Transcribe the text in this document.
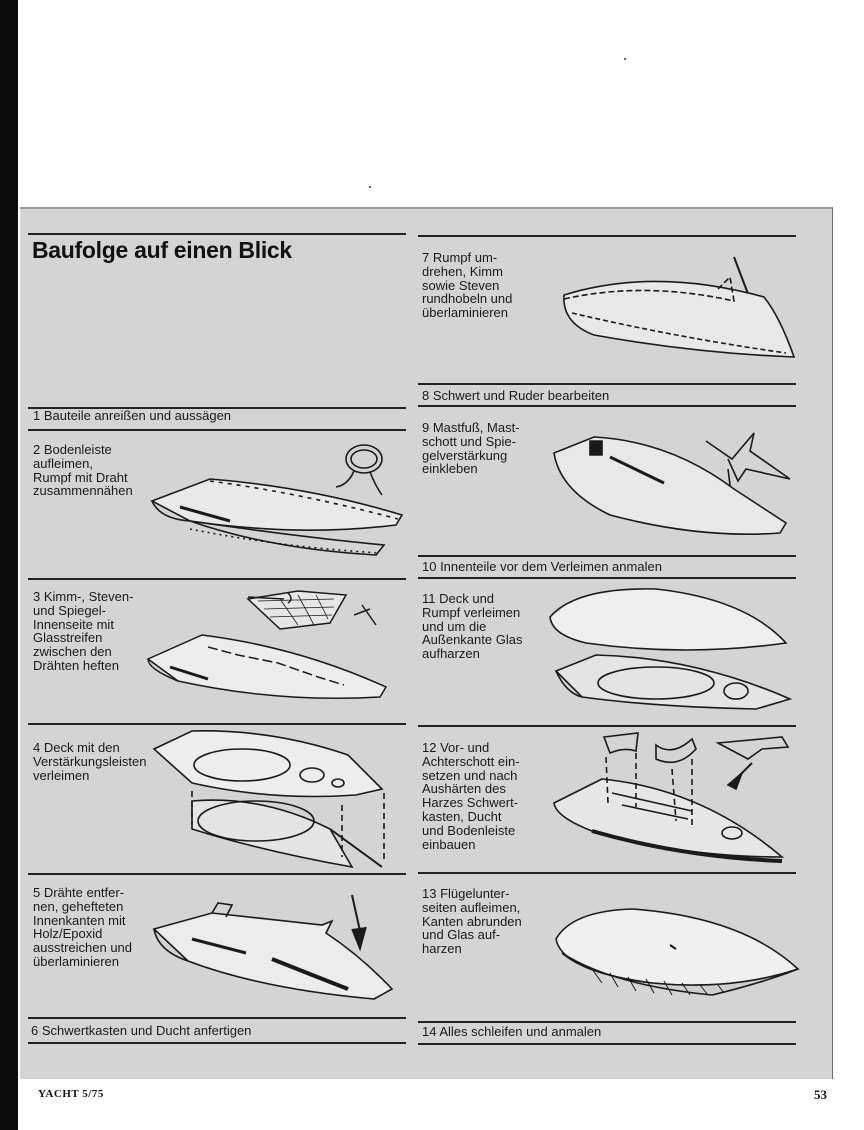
Baufolge auf einen Blick

1 Bauteile anreißen und aussägen

2 Bodenleiste
aufleimen,
Rumpf mit Draht
zusammennähen

3 Kimm-, Steven-
und Spiegel-
Innenseite mit
Glasstreifen
zwischen den
Drähten heften

4 Deck mit den
Verstärkungsleisten
verleimen

5 Drähte entfer-
nen, gehefteten
Innenkanten mit
Holz/Epoxid
ausstreichen und
überlaminieren

6 Schwertkasten und Ducht anfertigen

7 Rumpf um-
drehen, Kimm
sowie Steven
rundhobeln und
überlaminieren

8 Schwert und Ruder bearbeiten

9 Mastfuß, Mast-
schott und Spie-
gelverstärkung
einkleben

10 Innenteile vor dem Verleimen anmalen

11 Deck und
Rumpf verleimen
und um die
Außenkante Glas
aufharzen

12 Vor- und
Achterschott ein-
setzen und nach
Aushärten des
Harzes Schwert-
kasten, Ducht
und Bodenleiste
einbauen

13 Flügelunter-
seiten aufleimen,
Kanten abrunden
und Glas auf-
harzen

14 Alles schleifen und anmalen

YACHT 5/75	53
